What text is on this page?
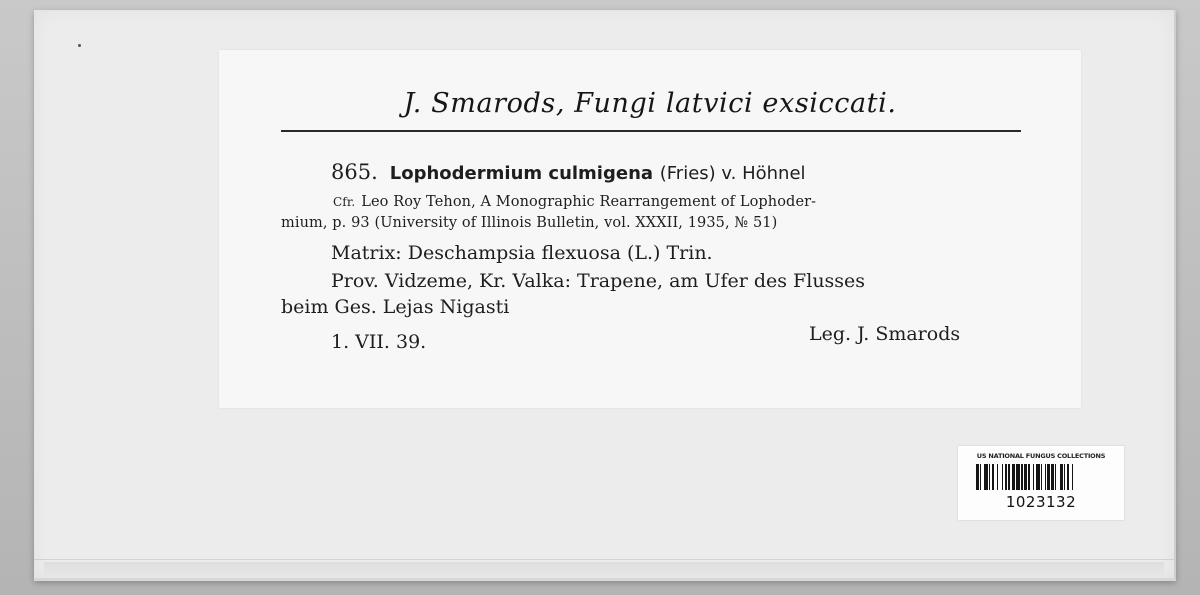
J. Smarods, Fungi latvici exsiccati.
865. Lophodermium culmigena (Fries) v. Höhnel
Cfr. Leo Roy Tehon, A Monographic Rearrangement of Lophoder-
mium, p. 93 (University of Illinois Bulletin, vol. XXXII, 1935, № 51)
Matrix: Deschampsia flexuosa (L.) Trin.
Prov. Vidzeme, Kr. Valka: Trapene, am Ufer des Flusses
beim Ges. Lejas Nigasti
1. VII. 39.	Leg. J. Smarods
US NATIONAL FUNGUS COLLECTIONS
1023132
